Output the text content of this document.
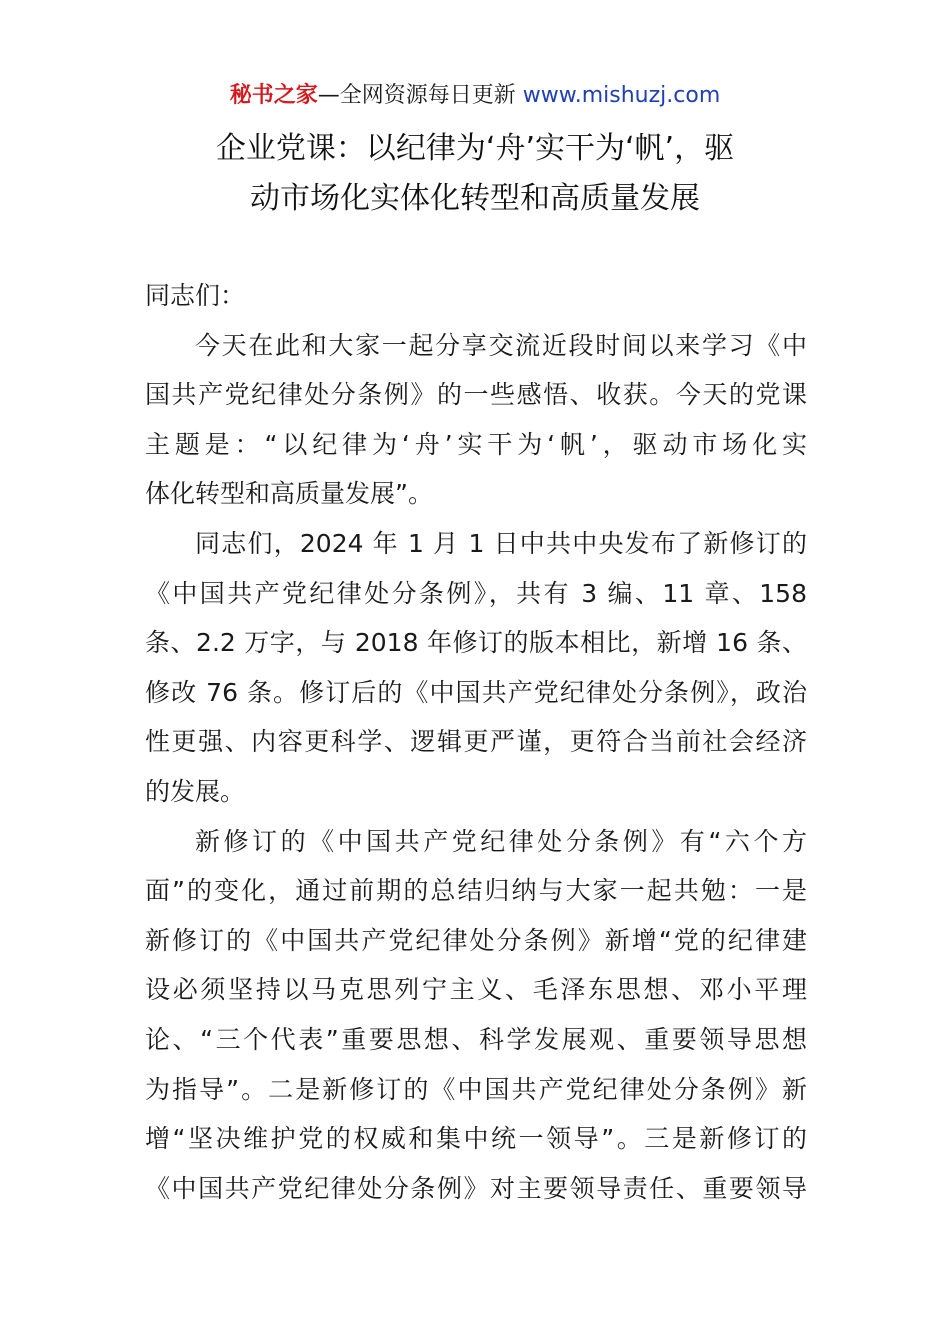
秘书之家—全网资源每日更新 www.mishuzj.com
企业党课：以纪律为‘舟’实干为‘帆’，驱
动市场化实体化转型和高质量发展
同志们：
今天在此和大家一起分享交流近段时间以来学习《中
国共产党纪律处分条例》的一些感悟、收获。今天的党课
主题是：“以纪律为‘舟’实干为‘帆’，驱动市场化实
体化转型和高质量发展”。
同志们，2024 年 1 月 1 日中共中央发布了新修订的
《中国共产党纪律处分条例》，共有 3 编、11 章、158
条、2.2 万字，与 2018 年修订的版本相比，新增 16 条、
修改 76 条。修订后的《中国共产党纪律处分条例》，政治
性更强、内容更科学、逻辑更严谨，更符合当前社会经济
的发展。
新修订的《中国共产党纪律处分条例》有“六个方
面”的变化，通过前期的总结归纳与大家一起共勉：一是
新修订的《中国共产党纪律处分条例》新增“党的纪律建
设必须坚持以马克思列宁主义、毛泽东思想、邓小平理
论、“三个代表”重要思想、科学发展观、重要领导思想
为指导”。二是新修订的《中国共产党纪律处分条例》新
增“坚决维护党的权威和集中统一领导”。三是新修订的
《中国共产党纪律处分条例》对主要领导责任、重要领导
